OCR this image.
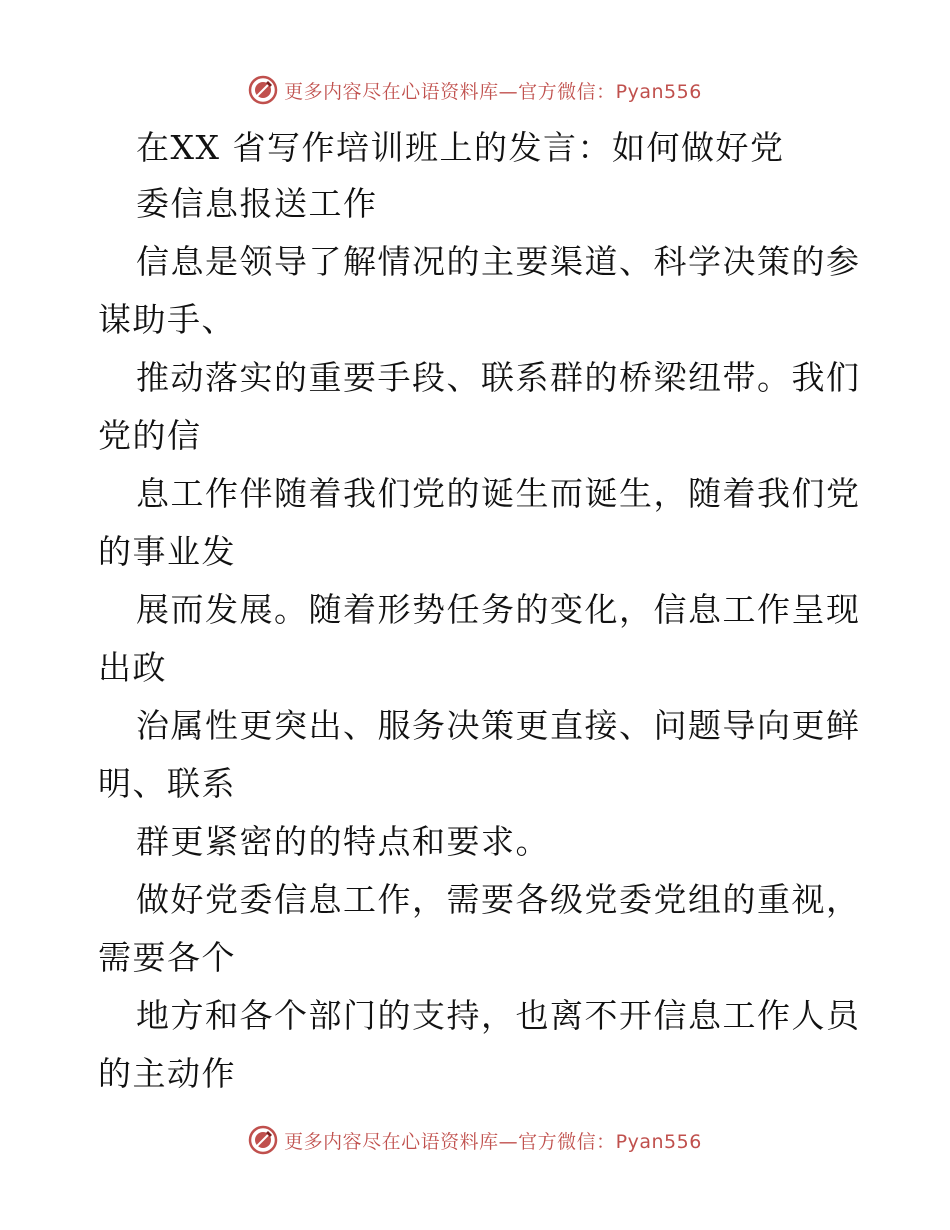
更多内容尽在心语资料库—官方微信：Pyan556
在XX 省写作培训班上的发言：如何做好党
委信息报送工作
信息是领导了解情况的主要渠道、科学决策的参
谋助手、
推动落实的重要手段、联系群的桥梁纽带。我们
党的信
息工作伴随着我们党的诞生而诞生，随着我们党
的事业发
展而发展。随着形势任务的变化，信息工作呈现
出政
治属性更突出、服务决策更直接、问题导向更鲜
明、联系
群更紧密的的特点和要求。
做好党委信息工作，需要各级党委党组的重视，
需要各个
地方和各个部门的支持，也离不开信息工作人员
的主动作
更多内容尽在心语资料库—官方微信：Pyan556
